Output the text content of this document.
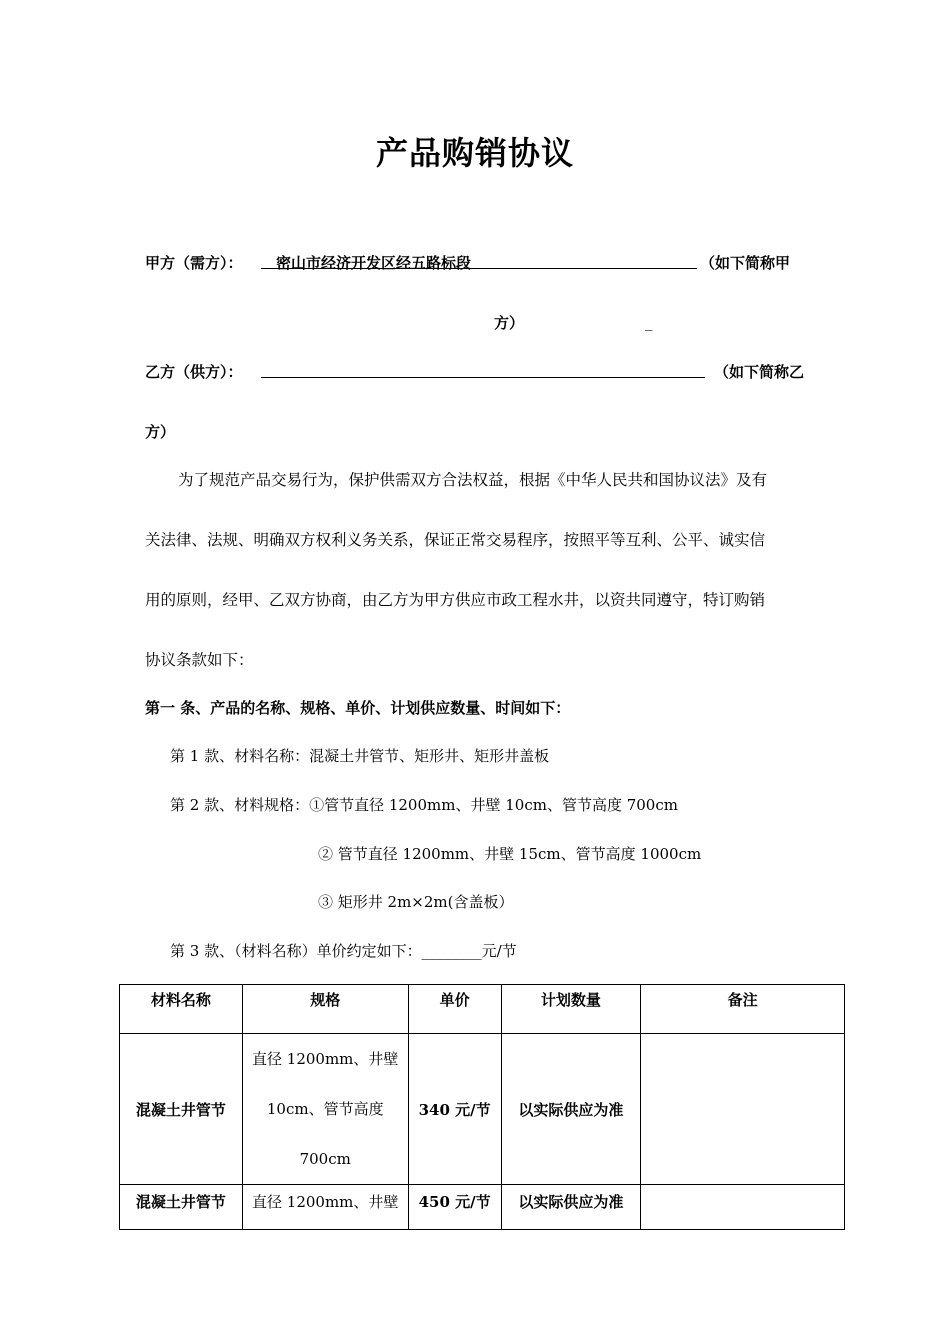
产品购销协议
甲方（需方）： 密山市经济开发区经五路标段	（如下简称甲
方）	_
乙方（供方）：	（如下简称乙
方）
为了规范产品交易行为，保护供需双方合法权益，根据《中华人民共和国协议法》及有
关法律、法规、明确双方权利义务关系，保证正常交易程序，按照平等互利、公平、诚实信
用的原则，经甲、乙双方协商，由乙方为甲方供应市政工程水井，以资共同遵守，特订购销
协议条款如下：
第一 条、产品的名称、规格、单价、计划供应数量、时间如下：
第 1 款、材料名称：混凝土井管节、矩形井、矩形井盖板
第 2 款、材料规格：①管节直径 1200mm、井壁 10cm、管节高度 700cm
② 管节直径 1200mm、井壁 15cm、管节高度 1000cm
③ 矩形井 2m×2m(含盖板）
第 3 款、（材料名称）单价约定如下：________元/节
材料名称	规格	单价	计划数量	备注
混凝土井管节	直径 1200mm、井壁
10cm、管节高度
700cm	340 元/节	以实际供应为准	
混凝土井管节	直径 1200mm、井壁	450 元/节	以实际供应为准	
